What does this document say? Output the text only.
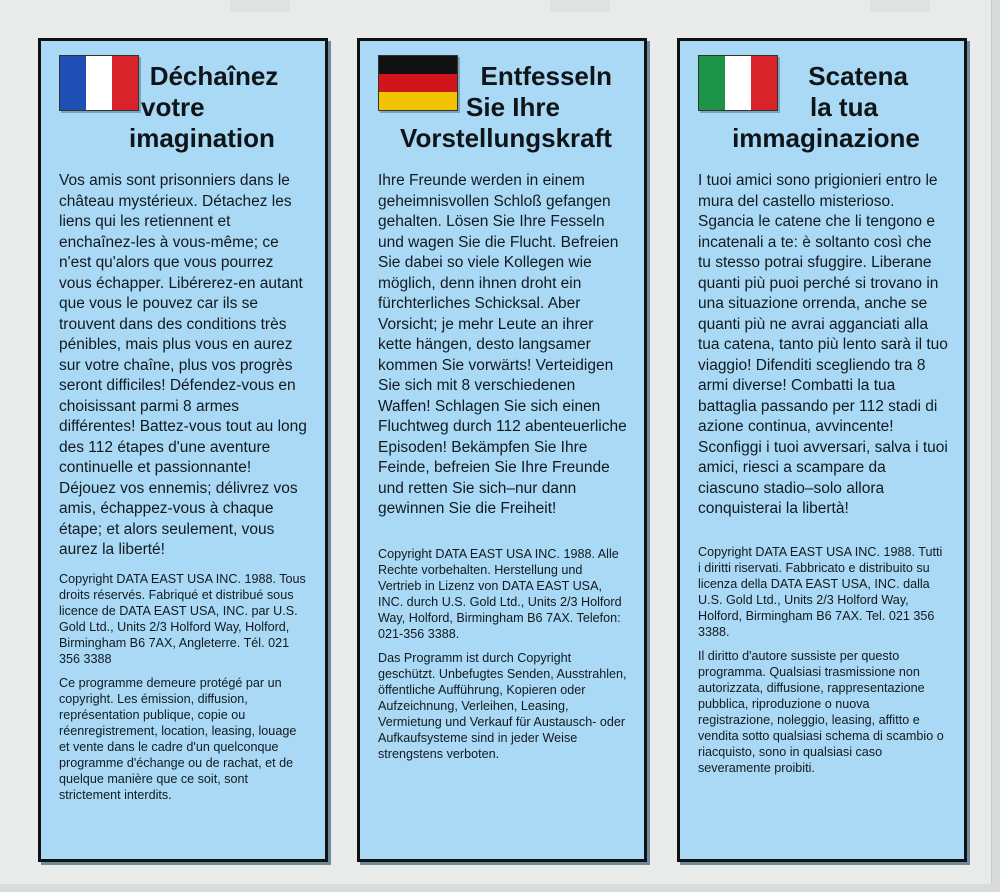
Déchaînez
votre
imagination

Vos amis sont prisonniers dans le château mystérieux. Détachez les liens qui les retiennent et enchaînez-les à vous-même; ce n'est qu'alors que vous pourrez vous échapper. Libérerez-en autant que vous le pouvez car ils se trouvent dans des conditions très pénibles, mais plus vous en aurez sur votre chaîne, plus vos progrès seront difficiles! Défendez-vous en choisissant parmi 8 armes différentes! Battez-vous tout au long des 112 étapes d'une aventure continuelle et passionnante! Déjouez vos ennemis; délivrez vos amis, échappez-vous à chaque étape; et alors seulement, vous aurez la liberté!

Copyright DATA EAST USA INC. 1988. Tous droits réservés. Fabriqué et distribué sous licence de DATA EAST USA, INC. par U.S. Gold Ltd., Units 2/3 Holford Way, Holford, Birmingham B6 7AX, Angleterre. Tél. 021 356 3388

Ce programme demeure protégé par un copyright. Les émission, diffusion, représentation publique, copie ou réenregistrement, location, leasing, louage et vente dans le cadre d'un quelconque programme d'échange ou de rachat, et de quelque manière que ce soit, sont strictement interdits.

Entfesseln
Sie Ihre
Vorstellungskraft

Ihre Freunde werden in einem geheimnisvollen Schloß gefangen gehalten. Lösen Sie Ihre Fesseln und wagen Sie die Flucht. Befreien Sie dabei so viele Kollegen wie möglich, denn ihnen droht ein fürchterliches Schicksal. Aber Vorsicht; je mehr Leute an ihrer kette hängen, desto langsamer kommen Sie vorwärts! Verteidigen Sie sich mit 8 verschiedenen Waffen! Schlagen Sie sich einen Fluchtweg durch 112 abenteuerliche Episoden! Bekämpfen Sie Ihre Feinde, befreien Sie Ihre Freunde und retten Sie sich–nur dann gewinnen Sie die Freiheit!

Copyright DATA EAST USA INC. 1988. Alle Rechte vorbehalten. Herstellung und Vertrieb in Lizenz von DATA EAST USA, INC. durch U.S. Gold Ltd., Units 2/3 Holford Way, Holford, Birmingham B6 7AX. Telefon: 021-356 3388.

Das Programm ist durch Copyright geschützt. Unbefugtes Senden, Ausstrahlen, öffentliche Aufführung, Kopieren oder Aufzeichnung, Verleihen, Leasing, Vermietung und Verkauf für Austausch- oder Aufkaufsysteme sind in jeder Weise strengstens verboten.

Scatena
la tua
immaginazione

I tuoi amici sono prigionieri entro le mura del castello misterioso. Sgancia le catene che li tengono e incatenali a te: è soltanto così che tu stesso potrai sfuggire. Liberane quanti più puoi perché si trovano in una situazione orrenda, anche se quanti più ne avrai agganciati alla tua catena, tanto più lento sarà il tuo viaggio! Difenditi scegliendo tra 8 armi diverse! Combatti la tua battaglia passando per 112 stadi di azione continua, avvincente! Sconfiggi i tuoi avversari, salva i tuoi amici, riesci a scampare da ciascuno stadio–solo allora conquisterai la libertà!

Copyright DATA EAST USA INC. 1988. Tutti i diritti riservati. Fabbricato e distribuito su licenza della DATA EAST USA, INC. dalla U.S. Gold Ltd., Units 2/3 Holford Way, Holford, Birmingham B6 7AX. Tel. 021 356 3388.

Il diritto d'autore sussiste per questo programma. Qualsiasi trasmissione non autorizzata, diffusione, rappresentazione pubblica, riproduzione o nuova registrazione, noleggio, leasing, affitto e vendita sotto qualsiasi schema di scambio o riacquisto, sono in qualsiasi caso severamente proibiti.
